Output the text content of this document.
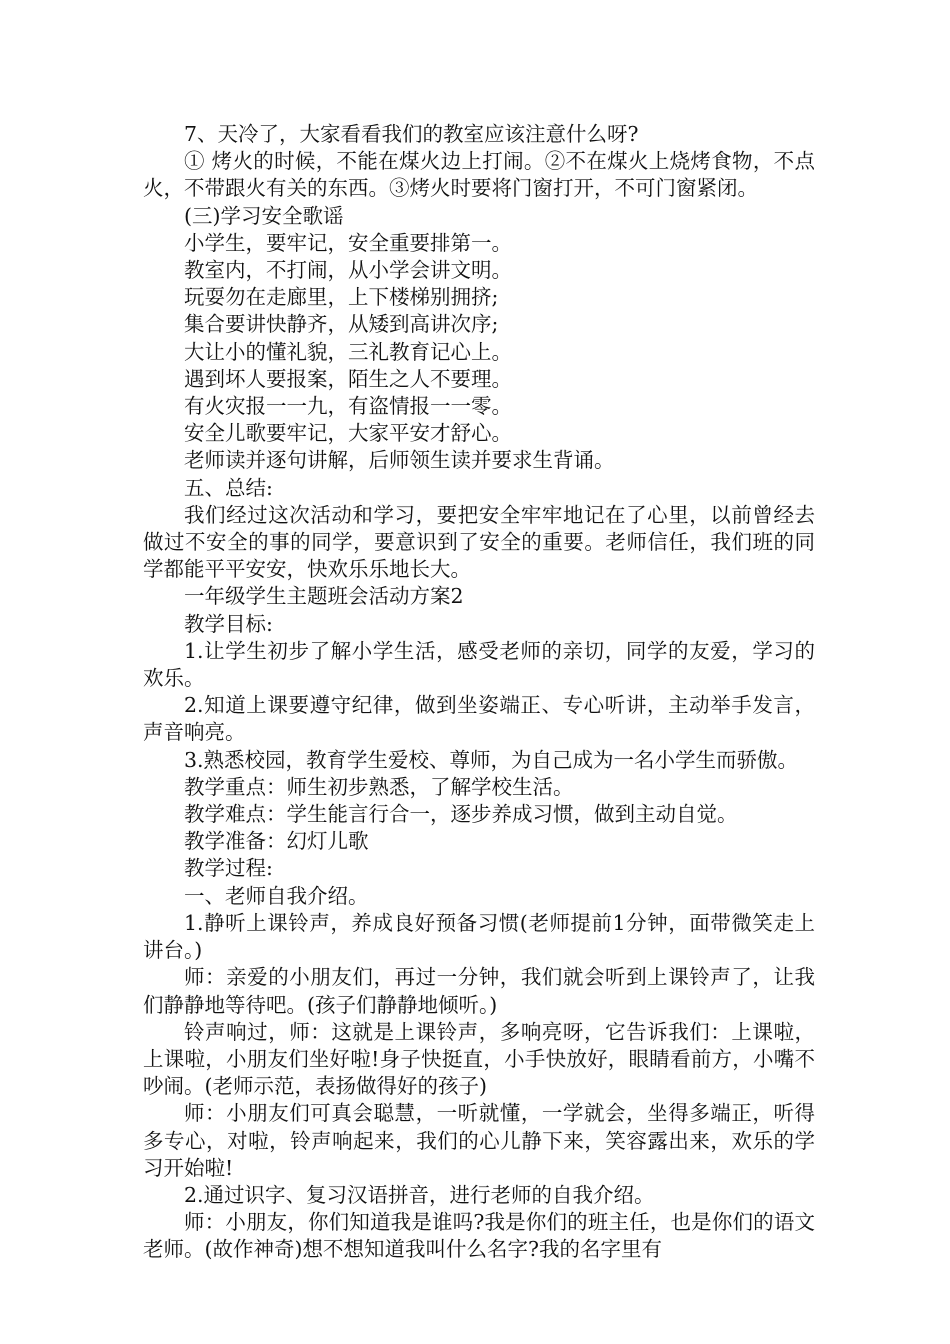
7、天冷了，大家看看我们的教室应该注意什么呀?

① 烤火的时候，不能在煤火边上打闹。②不在煤火上烧烤食物，不点火，不带跟火有关的东西。③烤火时要将门窗打开，不可门窗紧闭。

(三)学习安全歌谣

小学生，要牢记，安全重要排第一。

教室内，不打闹，从小学会讲文明。

玩耍勿在走廊里，上下楼梯别拥挤;

集合要讲快静齐，从矮到高讲次序;

大让小的懂礼貌，三礼教育记心上。

遇到坏人要报案，陌生之人不要理。

有火灾报一一九，有盗情报一一零。

安全儿歌要牢记，大家平安才舒心。

老师读并逐句讲解，后师领生读并要求生背诵。

五、总结:

我们经过这次活动和学习，要把安全牢牢地记在了心里，以前曾经去做过不安全的事的同学，要意识到了安全的重要。老师信任，我们班的同学都能平平安安，快欢乐乐地长大。

一年级学生主题班会活动方案2

教学目标:

1.让学生初步了解小学生活，感受老师的亲切，同学的友爱，学习的欢乐。

2.知道上课要遵守纪律，做到坐姿端正、专心听讲，主动举手发言，声音响亮。

3.熟悉校园，教育学生爱校、尊师，为自己成为一名小学生而骄傲。

教学重点：师生初步熟悉，了解学校生活。

教学难点：学生能言行合一，逐步养成习惯，做到主动自觉。

教学准备：幻灯儿歌

教学过程:

一、老师自我介绍。

1.静听上课铃声，养成良好预备习惯(老师提前1分钟，面带微笑走上讲台。)

师：亲爱的小朋友们，再过一分钟，我们就会听到上课铃声了，让我们静静地等待吧。(孩子们静静地倾听。)

铃声响过，师：这就是上课铃声，多响亮呀，它告诉我们：上课啦，上课啦，小朋友们坐好啦!身子快挺直，小手快放好，眼睛看前方，小嘴不吵闹。(老师示范，表扬做得好的孩子)

师：小朋友们可真会聪慧，一听就懂，一学就会，坐得多端正，听得多专心，对啦，铃声响起来，我们的心儿静下来，笑容露出来，欢乐的学习开始啦!

2.通过识字、复习汉语拼音，进行老师的自我介绍。

师：小朋友，你们知道我是谁吗?我是你们的班主任，也是你们的语文老师。(故作神奇)想不想知道我叫什么名字?我的名字里有
